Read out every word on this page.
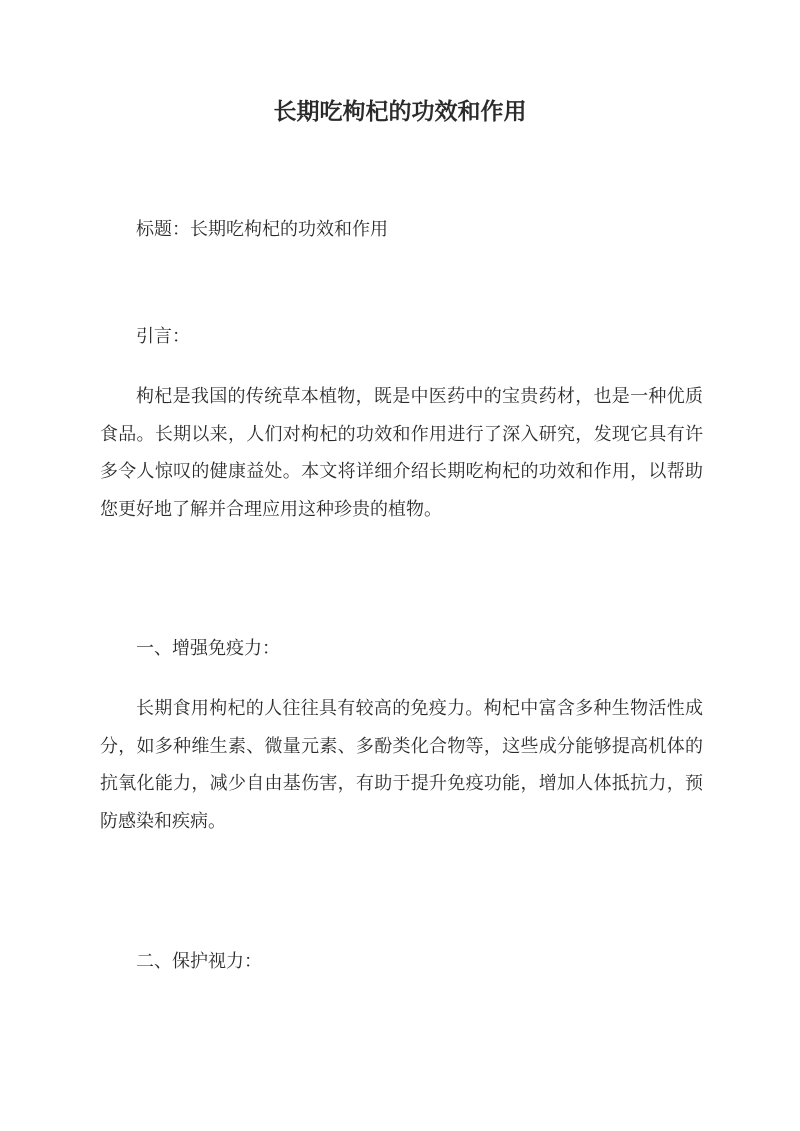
长期吃枸杞的功效和作用

标题：长期吃枸杞的功效和作用

引言：

枸杞是我国的传统草本植物，既是中医药中的宝贵药材，也是一种优质食品。长期以来，人们对枸杞的功效和作用进行了深入研究，发现它具有许多令人惊叹的健康益处。本文将详细介绍长期吃枸杞的功效和作用，以帮助您更好地了解并合理应用这种珍贵的植物。

一、增强免疫力：

长期食用枸杞的人往往具有较高的免疫力。枸杞中富含多种生物活性成分，如多种维生素、微量元素、多酚类化合物等，这些成分能够提高机体的抗氧化能力，减少自由基伤害，有助于提升免疫功能，增加人体抵抗力，预防感染和疾病。

二、保护视力：
